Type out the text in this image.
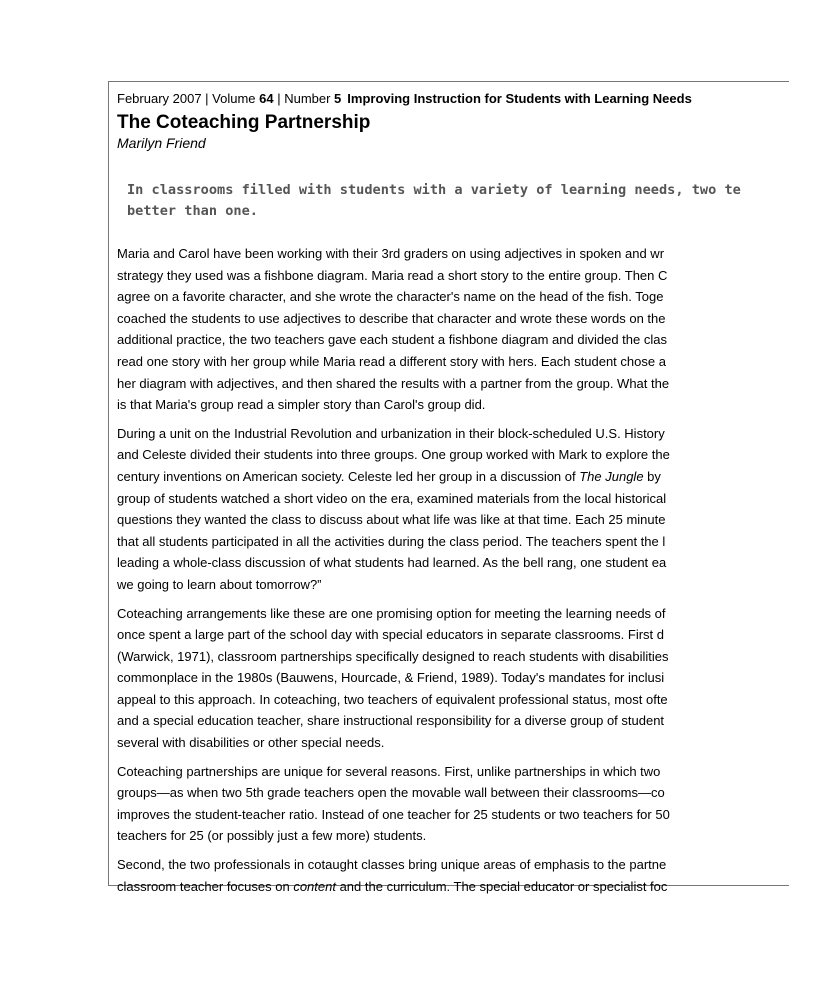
February 2007 | Volume 64 | Number 5 Improving Instruction for Students with Learning Needs
The Coteaching Partnership
Marilyn Friend
In classrooms filled with students with a variety of learning needs, two te
better than one.
Maria and Carol have been working with their 3rd graders on using adjectives in spoken and wr
strategy they used was a fishbone diagram. Maria read a short story to the entire group. Then C
agree on a favorite character, and she wrote the character's name on the head of the fish. Toge
coached the students to use adjectives to describe that character and wrote these words on the
additional practice, the two teachers gave each student a fishbone diagram and divided the clas
read one story with her group while Maria read a different story with hers. Each student chose a
her diagram with adjectives, and then shared the results with a partner from the group. What the
is that Maria's group read a simpler story than Carol's group did.
During a unit on the Industrial Revolution and urbanization in their block-scheduled U.S. History
and Celeste divided their students into three groups. One group worked with Mark to explore the
century inventions on American society. Celeste led her group in a discussion of The Jungle by
group of students watched a short video on the era, examined materials from the local historical
questions they wanted the class to discuss about what life was like at that time. Each 25 minute
that all students participated in all the activities during the class period. The teachers spent the l
leading a whole-class discussion of what students had learned. As the bell rang, one student ea
we going to learn about tomorrow?”
Coteaching arrangements like these are one promising option for meeting the learning needs of
once spent a large part of the school day with special educators in separate classrooms. First d
(Warwick, 1971), classroom partnerships specifically designed to reach students with disabilities
commonplace in the 1980s (Bauwens, Hourcade, & Friend, 1989). Today's mandates for inclusi
appeal to this approach. In coteaching, two teachers of equivalent professional status, most ofte
and a special education teacher, share instructional responsibility for a diverse group of student
several with disabilities or other special needs.
Coteaching partnerships are unique for several reasons. First, unlike partnerships in which two
groups—as when two 5th grade teachers open the movable wall between their classrooms—co
improves the student-teacher ratio. Instead of one teacher for 25 students or two teachers for 50
teachers for 25 (or possibly just a few more) students.
Second, the two professionals in cotaught classes bring unique areas of emphasis to the partne
classroom teacher focuses on content and the curriculum. The special educator or specialist foc
